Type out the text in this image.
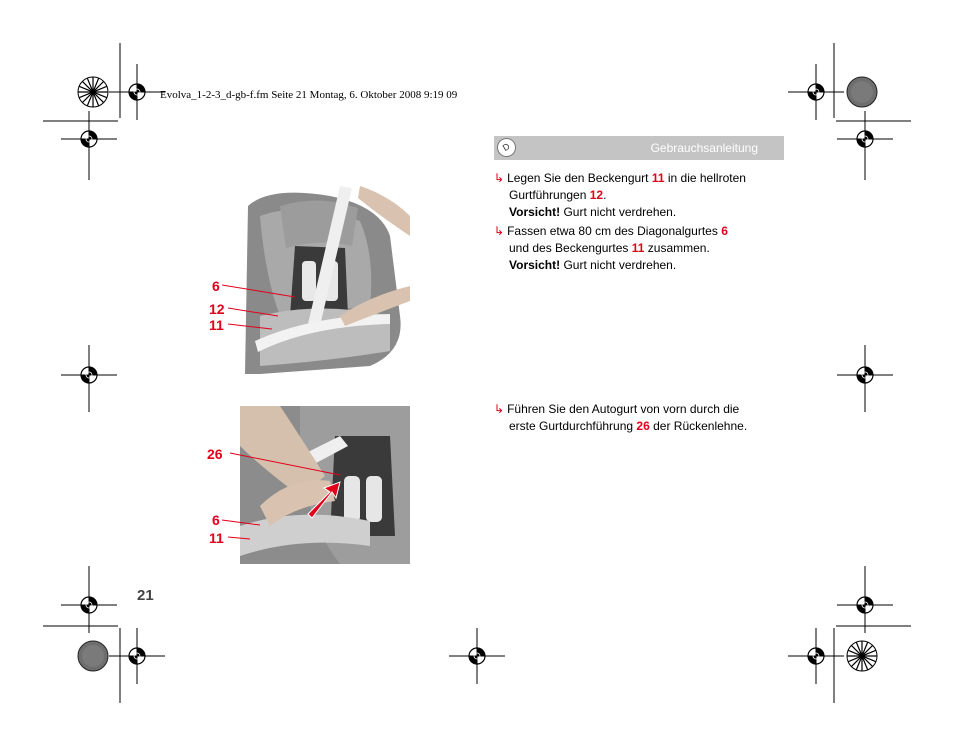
Evolva_1-2-3_d-gb-f.fm Seite 21 Montag, 6. Oktober 2008 9:19 09
D	Gebrauchsanleitung
↳ Legen Sie den Beckengurt 11 in die hellroten
Gurtführungen 12.
Vorsicht! Gurt nicht verdrehen.
↳ Fassen etwa 80 cm des Diagonalgurtes 6
und des Beckengurtes 11 zusammen.
Vorsicht! Gurt nicht verdrehen.
↳ Führen Sie den Autogurt von vorn durch die
erste Gurtdurchführung 26 der Rückenlehne.
6
12
11
26
6
11
21
